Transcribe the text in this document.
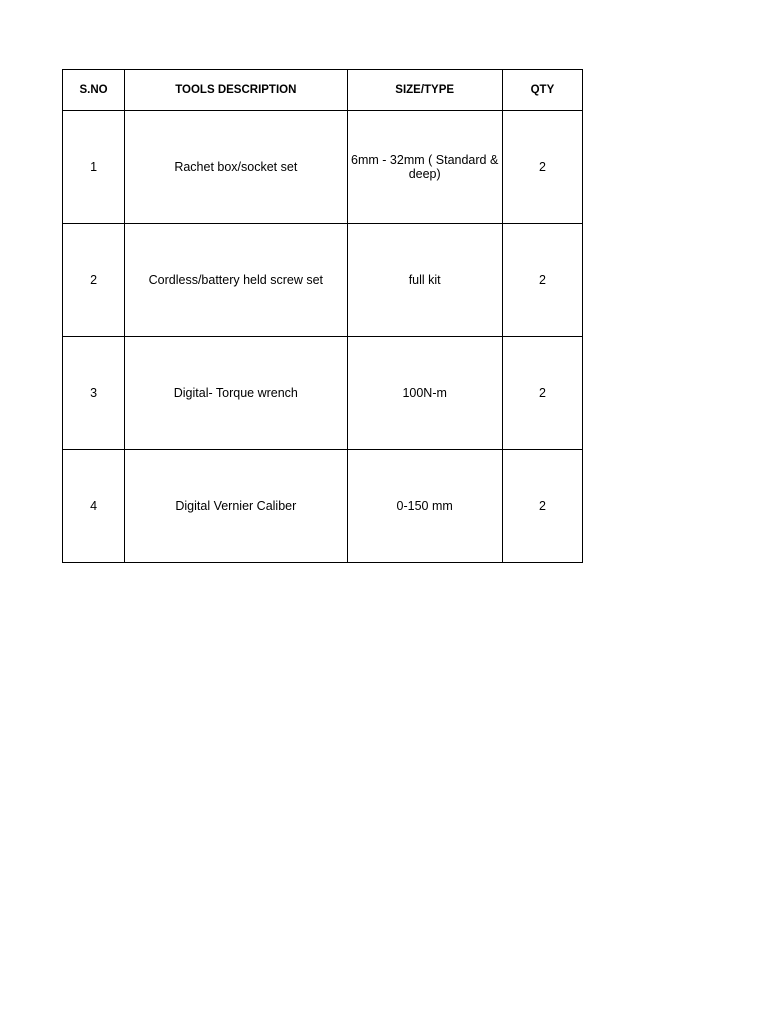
S.NO	TOOLS DESCRIPTION	SIZE/TYPE	QTY
1	Rachet box/socket set	6mm - 32mm ( Standard & deep)	2
2	Cordless/battery held screw set	full kit	2
3	Digital- Torque wrench	100N-m	2
4	Digital Vernier Caliber	0-150 mm	2
